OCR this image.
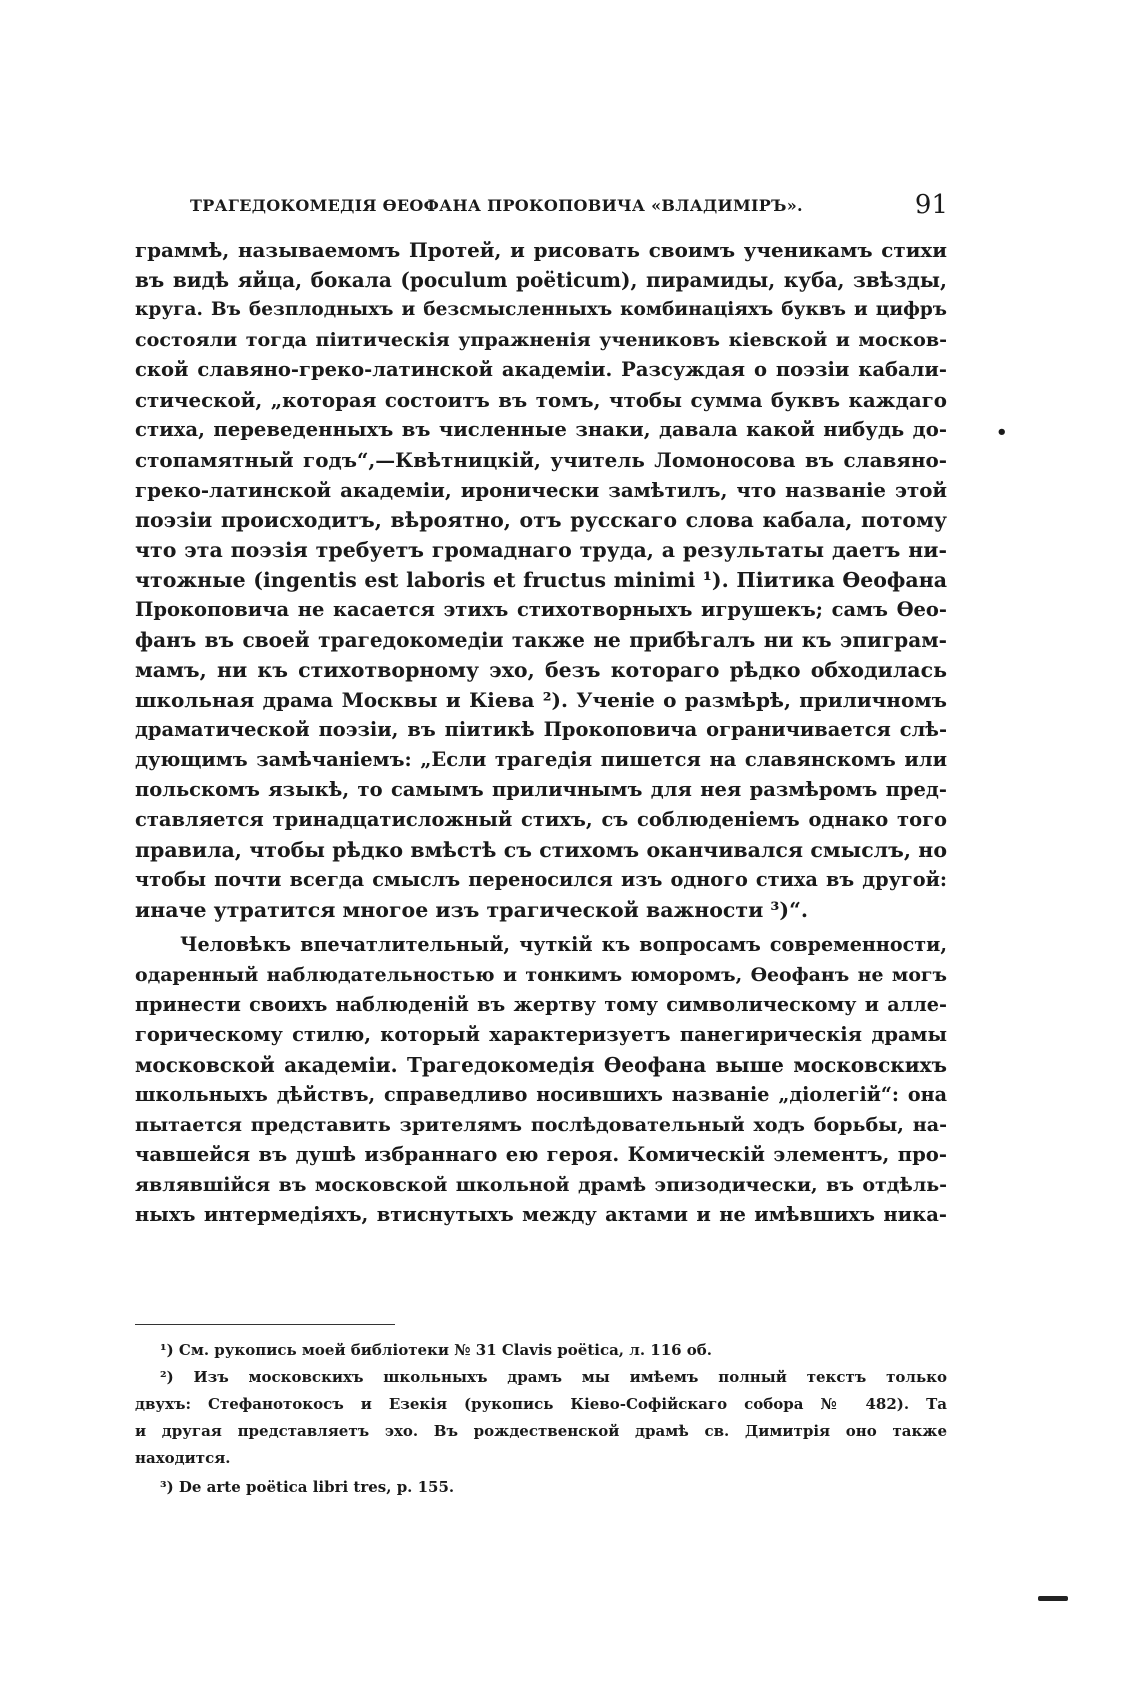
ТРАГЕДОКОМЕДІЯ ӨЕОФАНА ПРОКОПОВИЧА «ВЛАДИМІРЪ».	91
граммѣ, называемомъ Протей, и рисовать своимъ ученикамъ стихи
въ видѣ яйца, бокала (poculum poëticum), пирамиды, куба, звѣзды,
круга. Въ безплодныхъ и безсмысленныхъ комбинаціяхъ буквъ и цифръ
состояли тогда пiитическiя упражненiя учениковъ кiевской и москов-
ской славяно-греко-латинской академiи. Разсуждая о поэзiи кабали-
стической, „которая состоитъ въ томъ, чтобы сумма буквъ каждаго
стиха, переведенныхъ въ численные знаки, давала какой нибудь до-
стопамятный годъ“,—Квѣтницкiй, учитель Ломоносова въ славяно-
греко-латинской академiи, иронически замѣтилъ, что названiе этой
поэзiи происходитъ, вѣроятно, отъ русскаго слова кабала, потому
что эта поэзiя требуетъ громаднаго труда, а результаты даетъ ни-
чтожные (ingentis est laboris et fructus minimi ¹). Пiитика Өеофана
Прокоповича не касается этихъ стихотворныхъ игрушекъ; самъ Өео-
фанъ въ своей трагедокомедiи также не прибѣгалъ ни къ эпиграм-
мамъ, ни къ стихотворному эхо, безъ котораго рѣдко обходилась
школьная драма Москвы и Кiева ²). Ученiе о размѣрѣ, приличномъ
драматической поэзiи, въ пiитикѣ Прокоповича ограничивается слѣ-
дующимъ замѣчанiемъ: „Если трагедiя пишется на славянскомъ или
польскомъ языкѣ, то самымъ приличнымъ для нея размѣромъ пред-
ставляется тринадцатисложный стихъ, съ соблюденiемъ однако того
правила, чтобы рѣдко вмѣстѣ съ стихомъ оканчивался смыслъ, но
чтобы почти всегда смыслъ переносился изъ одного стиха въ другой:
иначе утратится многое изъ трагической важности ³)“.
Человѣкъ впечатлительный, чуткiй къ вопросамъ современности,
одаренный наблюдательностью и тонкимъ юморомъ, Өеофанъ не могъ
принести своихъ наблюденiй въ жертву тому символическому и алле-
горическому стилю, который характеризуетъ панегирическiя драмы
московской академiи. Трагедокомедiя Өеофана выше московскихъ
школьныхъ дѣйствъ, справедливо носившихъ названiе „дiолегiй“: она
пытается представить зрителямъ послѣдовательный ходъ борьбы, на-
чавшейся въ душѣ избраннаго ею героя. Комическiй элементъ, про-
являвшiйся въ московской школьной драмѣ эпизодически, въ отдѣль-
ныхъ интермедiяхъ, втиснутыхъ между актами и не имѣвшихъ ника-
¹) См. рукопись моей библiотеки № 31 Clavis poëtica, л. 116 об.
²) Изъ московскихъ школьныхъ драмъ мы имѣемъ полный текстъ только
двухъ: Стефанотокосъ и Езекiя (рукопись Кiево-Софiйскаго собора № 482). Та
и другая представляетъ эхо. Въ рождественской драмѣ св. Димитрiя оно также
находится.
³) De arte poëtica libri tres, p. 155.
•
